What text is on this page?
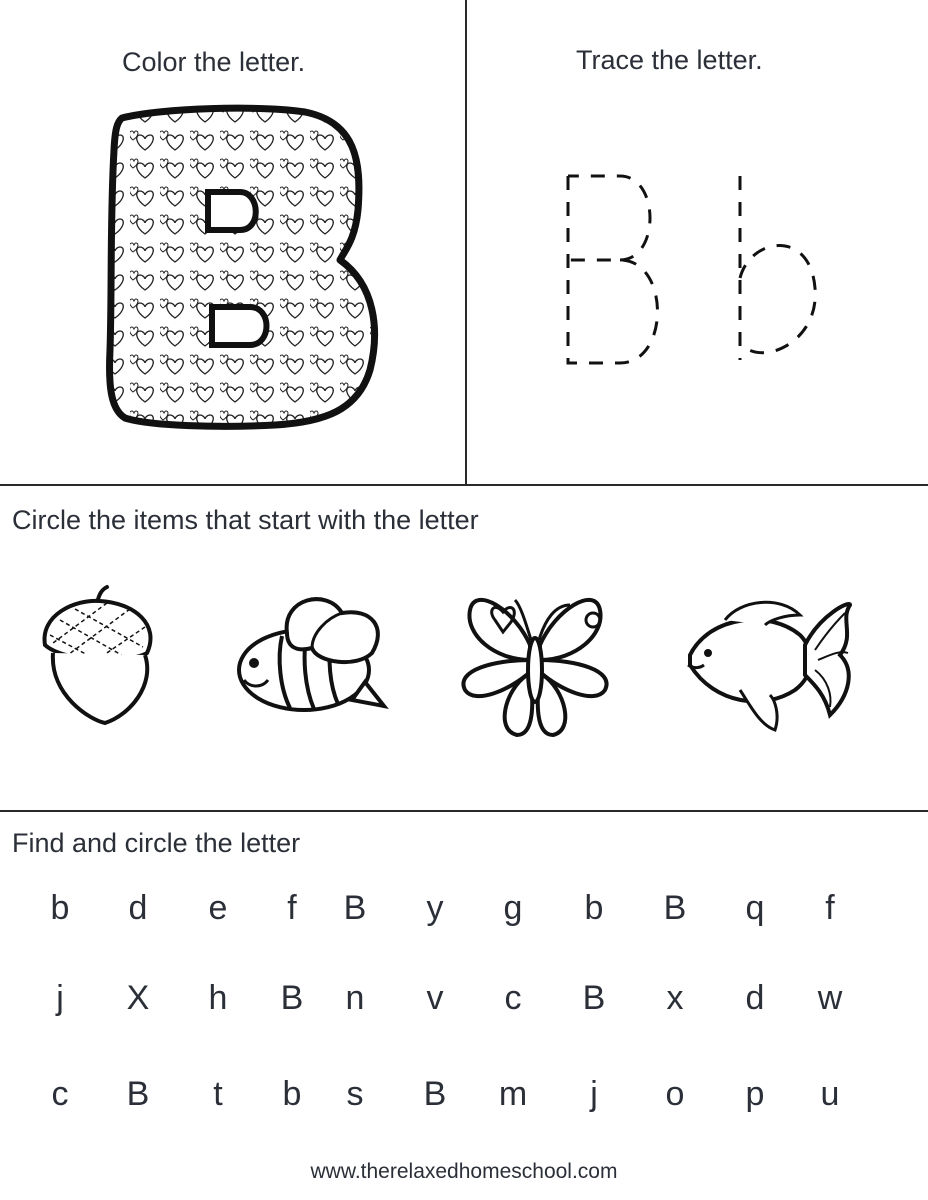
Color the letter.	Trace the letter.
Circle the items that start with the letter
Find and circle the letter
b	d	e	f	B	y	g	b	B	q	f
j	X	h	B	n	v	c	B	x	d	w
c	B	t	b	s	B	m	j	o	p	u
www.therelaxedhomeschool.com
